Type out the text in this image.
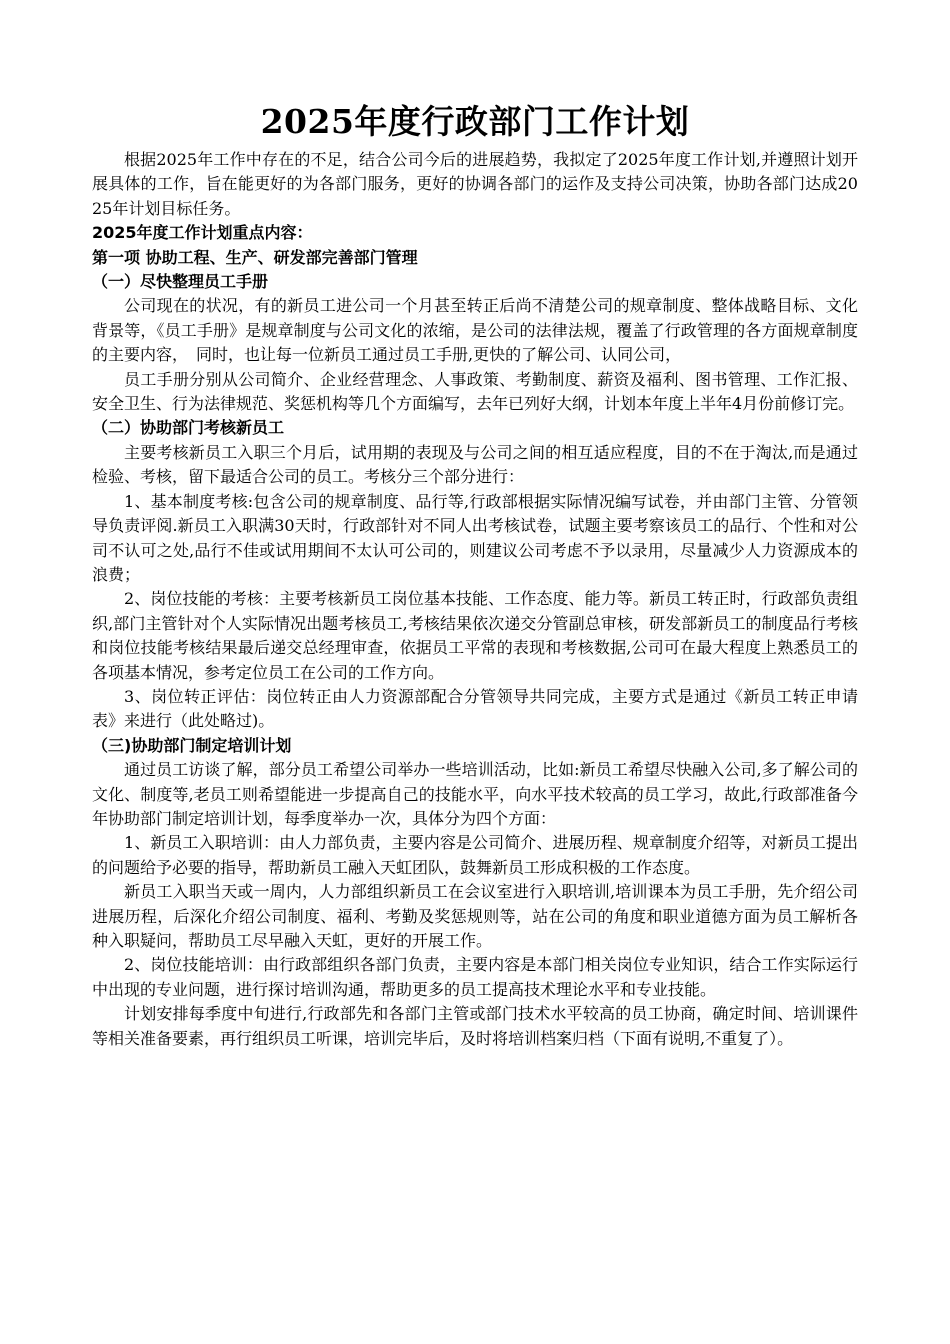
2025年度行政部门工作计划

根据2025年工作中存在的不足，结合公司今后的进展趋势，我拟定了2025年度工作计划,并遵照计划开展具体的工作，旨在能更好的为各部门服务，更好的协调各部门的运作及支持公司决策，协助各部门达成2025年计划目标任务。

2025年度工作计划重点内容：

第一项 协助工程、生产、研发部完善部门管理

（一）尽快整理员工手册

公司现在的状况，有的新员工进公司一个月甚至转正后尚不清楚公司的规章制度、整体战略目标、文化背景等，《员工手册》是规章制度与公司文化的浓缩，是公司的法律法规，覆盖了行政管理的各方面规章制度的主要内容，　同时，也让每一位新员工通过员工手册,更快的了解公司、认同公司，

员工手册分别从公司简介、企业经营理念、人事政策、考勤制度、薪资及福利、图书管理、工作汇报、安全卫生、行为法律规范、奖惩机构等几个方面编写，去年已列好大纲，计划本年度上半年4月份前修订完。

（二）协助部门考核新员工

主要考核新员工入职三个月后，试用期的表现及与公司之间的相互适应程度，目的不在于淘汰,而是通过检验、考核，留下最适合公司的员工。考核分三个部分进行：

1、基本制度考核:包含公司的规章制度、品行等,行政部根据实际情况编写试卷，并由部门主管、分管领导负责评阅.新员工入职满30天时，行政部针对不同人出考核试卷，试题主要考察该员工的品行、个性和对公司不认可之处,品行不佳或试用期间不太认可公司的，则建议公司考虑不予以录用，尽量减少人力资源成本的浪费；

2、岗位技能的考核：主要考核新员工岗位基本技能、工作态度、能力等。新员工转正时，行政部负责组织,部门主管针对个人实际情况出题考核员工,考核结果依次递交分管副总审核，研发部新员工的制度品行考核和岗位技能考核结果最后递交总经理审查，依据员工平常的表现和考核数据,公司可在最大程度上熟悉员工的各项基本情况，参考定位员工在公司的工作方向。

3、岗位转正评估：岗位转正由人力资源部配合分管领导共同完成，主要方式是通过《新员工转正申请表》来进行（此处略过)。

（三)协助部门制定培训计划

通过员工访谈了解，部分员工希望公司举办一些培训活动，比如:新员工希望尽快融入公司,多了解公司的文化、制度等,老员工则希望能进一步提高自己的技能水平，向水平技术较高的员工学习，故此,行政部准备今年协助部门制定培训计划，每季度举办一次，具体分为四个方面：

1、新员工入职培训：由人力部负责，主要内容是公司简介、进展历程、规章制度介绍等，对新员工提出的问题给予必要的指导，帮助新员工融入天虹团队，鼓舞新员工形成积极的工作态度。

新员工入职当天或一周内，人力部组织新员工在会议室进行入职培训,培训课本为员工手册，先介绍公司进展历程，后深化介绍公司制度、福利、考勤及奖惩规则等，站在公司的角度和职业道德方面为员工解析各种入职疑问，帮助员工尽早融入天虹，更好的开展工作。

2、岗位技能培训：由行政部组织各部门负责，主要内容是本部门相关岗位专业知识，结合工作实际运行中出现的专业问题，进行探讨培训沟通，帮助更多的员工提高技术理论水平和专业技能。

计划安排每季度中旬进行,行政部先和各部门主管或部门技术水平较高的员工协商，确定时间、培训课件等相关准备要素，再行组织员工听课，培训完毕后，及时将培训档案归档（下面有说明,不重复了）。
